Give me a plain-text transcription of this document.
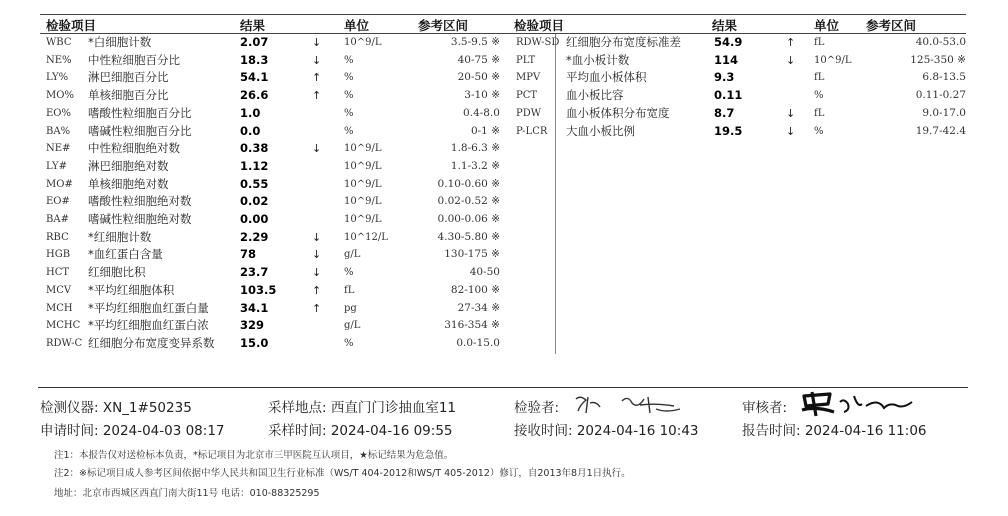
检验项目	结果	单位	参考区间	检验项目	结果	单位 参考区间
WBC *白细胞计数	2.07	↓ 10^9/L	3.5-9.5 ※
NE% 中性粒细胞百分比	18.3	↓ %	40-75 ※
LY% 淋巴细胞百分比	54.1	↑ %	20-50 ※
MO% 单核细胞百分比	26.6	↑ %	3-10 ※
EO% 嗜酸性粒细胞百分比	1.0	%	0.4-8.0
BA% 嗜碱性粒细胞百分比	0.0	%	0-1 ※
NE# 中性粒细胞绝对数	0.38	↓ 10^9/L	1.8-6.3 ※
LY# 淋巴细胞绝对数	1.12	10^9/L	1.1-3.2 ※
MO# 单核细胞绝对数	0.55	10^9/L	0.10-0.60 ※
EO# 嗜酸性粒细胞绝对数	0.02	10^9/L	0.02-0.52 ※
BA# 嗜碱性粒细胞绝对数	0.00	10^9/L	0.00-0.06 ※
RBC *红细胞计数	2.29	↓ 10^12/L	4.30-5.80 ※
HGB *血红蛋白含量	78	↓ g/L	130-175 ※
HCT 红细胞比积	23.7	↓ %	40-50
MCV *平均红细胞体积	103.5	↑ fL	82-100 ※
MCH *平均红细胞血红蛋白量	34.1	↑ pg	27-34 ※
MCHC *平均红细胞血红蛋白浓	329	g/L	316-354 ※
RDW-C 红细胞分布宽度变异系数 15.0	%	0.0-15.0
RDW-SD 红细胞分布宽度标准差	54.9	↑ fL	40.0-53.0
PLT	*血小板计数	114	↓ 10^9/L	125-350 ※
MPV 平均血小板体积	9.3	fL	6.8-13.5
PCT	血小板比容	0.11	%	0.11-0.27
PDW 血小板体积分布宽度	8.7	↓ fL	9.0-17.0
P-LCR 大血小板比例	19.5	↓ %	19.7-42.4
检测仪器: XN_1#50235	采样地点: 西直门门诊抽血室11	检验者:	审核者:
申请时间: 2024-04-03 08:17	采样时间: 2024-04-16 09:55	接收时间: 2024-04-16 10:43	报告时间: 2024-04-16 11:06
注1：本报告仅对送检标本负责，*标记项目为北京市三甲医院互认项目，★标记结果为危急值。
注2：※标记项目成人参考区间依据中华人民共和国卫生行业标准（WS/T 404-2012和WS/T 405-2012）修订，自2013年8月1日执行。
地址：北京市西城区西直门南大街11号 电话：010-88325295
